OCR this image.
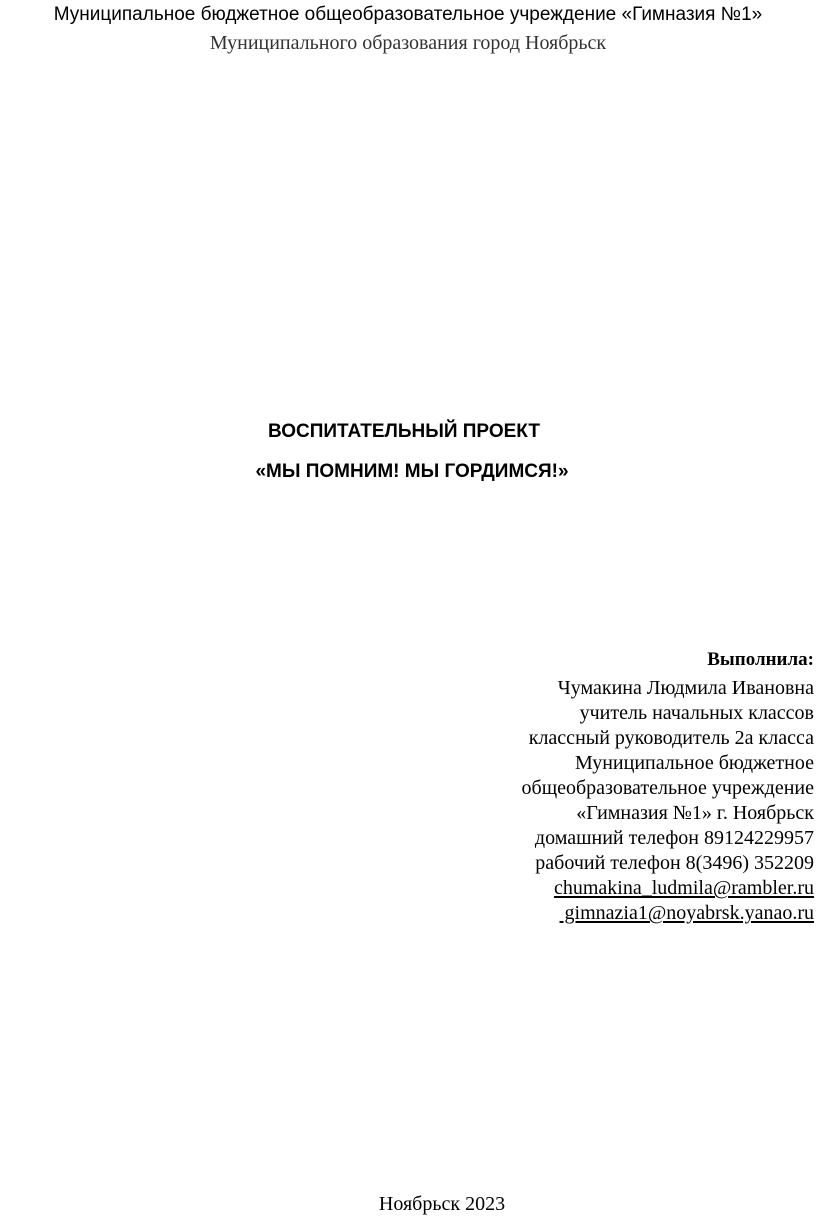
Муниципальное бюджетное общеобразовательное учреждение «Гимназия №1»
Муниципального образования город Ноябрьск
ВОСПИТАТЕЛЬНЫЙ ПРОЕКТ
«МЫ ПОМНИМ! МЫ ГОРДИМСЯ!»
Выполнила:
Чумакина Людмила Ивановна
учитель начальных классов
классный руководитель 2а класса
Муниципальное бюджетное
общеобразовательное учреждение
«Гимназия №1» г. Ноябрьск
домашний телефон 89124229957
рабочий телефон 8(3496) 352209
chumakina_ludmila@rambler.ru
gimnazia1@noyabrsk.yanao.ru
Ноябрьск 2023
